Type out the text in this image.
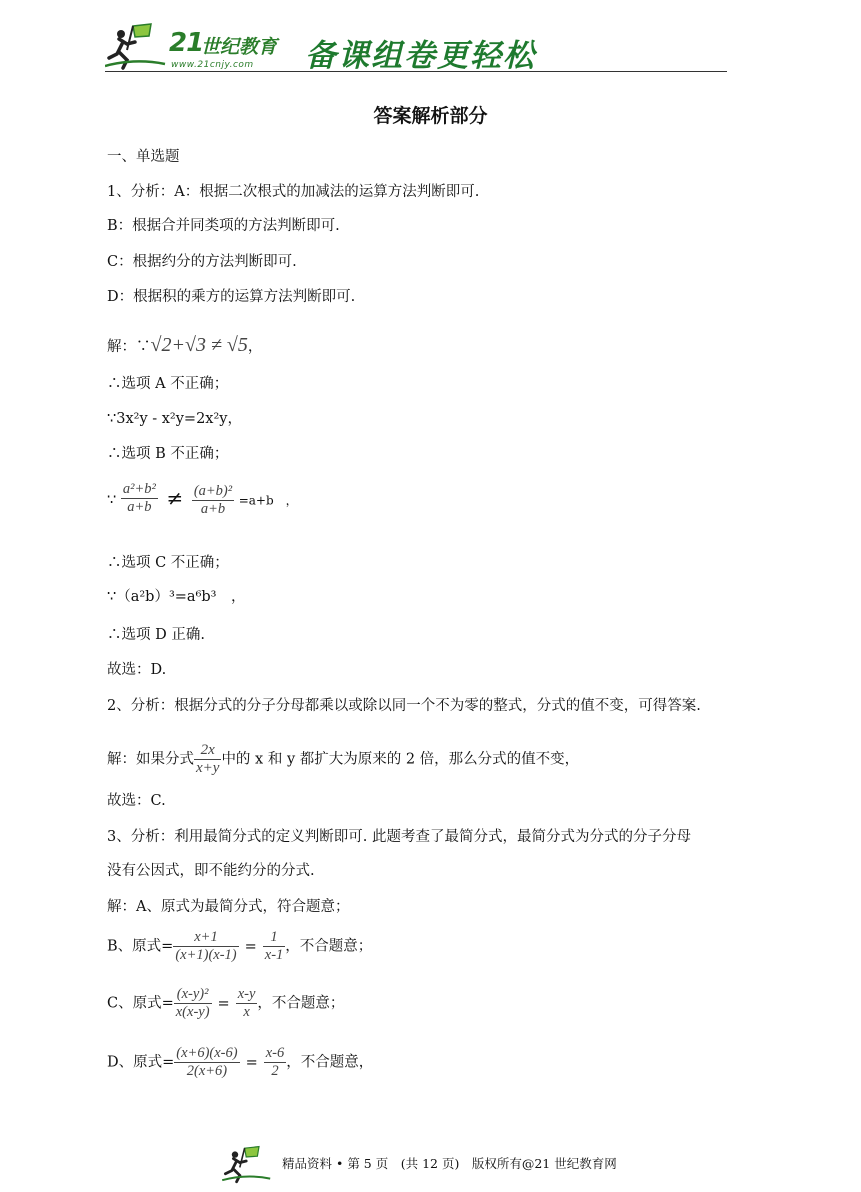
21
世纪教育
www.21cnjy.com 备课组卷更轻松
答案解析部分
一、单选题
1、分析：A：根据二次根式的加减法的运算方法判断即可.
B：根据合并同类项的方法判断即可.
C：根据约分的方法判断即可.
D：根据积的乘方的运算方法判断即可.
解：∵√2+√3 ≠ √5，
∴选项 A 不正确；
∵3x²y - x²y=2x²y，
∴选项 B 不正确；
∵ $\frac{\text{a²+b²}}{a+b} \ne \frac{\text{(a+b)²}}{a+b} =a+b$　，
∴选项 C 不正确；
∵（a²b）³=a⁶b³　，
∴选项 D 正确.
故选：D.
2、分析：根据分式的分子分母都乘以或除以同一个不为零的整式，分式的值不变，可得答案.
解：如果分式 $\frac{2x}{x+y}$ 中的 x 和 y 都扩大为原来的 2 倍，那么分式的值不变，
故选：C.
3、分析：利用最简分式的定义判断即可. 此题考查了最简分式，最简分式为分式的分子分母
没有公因式，即不能约分的分式.
解：A、原式为最简分式，符合题意；
B、原式= $\frac{x+1}{(x+1)(x-1)} = \frac{1}{x-1}$ ，不合题意；
C、原式= $\frac{\text{(x-y)²}}{x(x-y)} = \frac{x-y}{x}$ ，不合题意；
D、原式= $\frac{(x+6)(x-6)}{2(x+6)} = \frac{x-6}{2}$ ，不合题意，
精品资料 • 第 5 页　(共 12 页)　版权所有@21 世纪教育网
